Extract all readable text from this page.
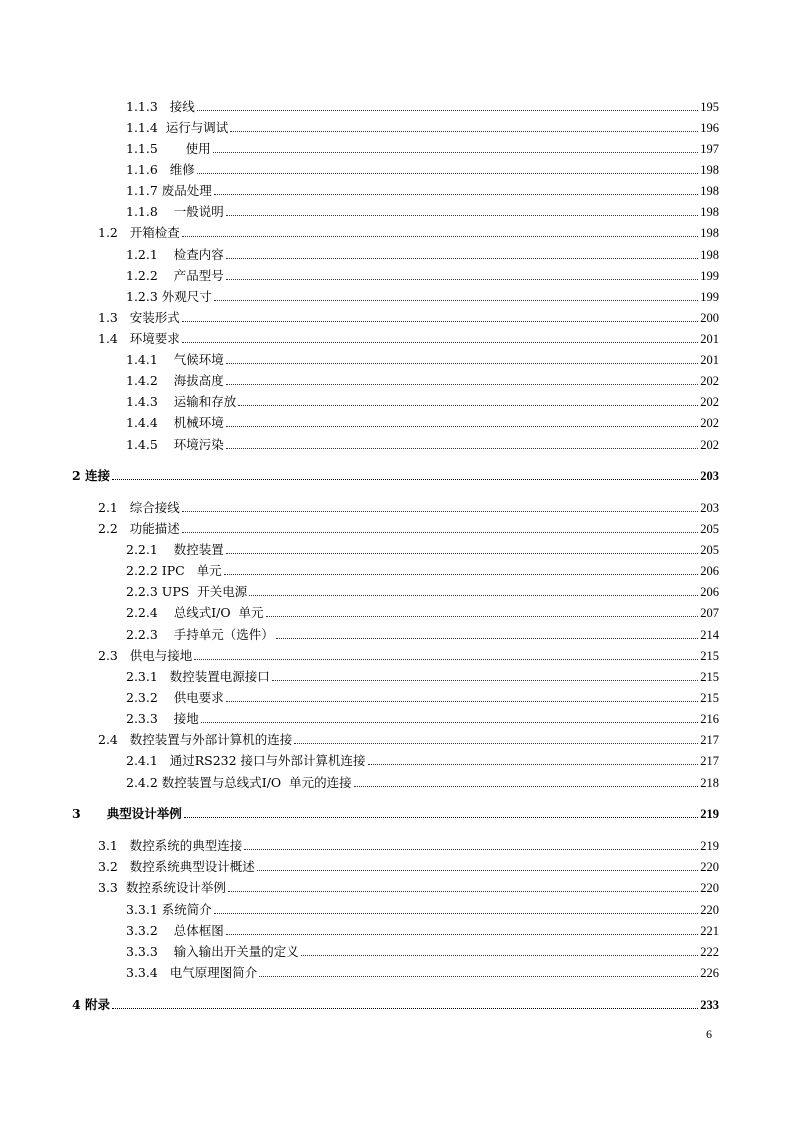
1.1.3   接线	195
1.1.4  运行与调试	196
1.1.5       使用	197
1.1.6   维修	198
1.1.7 废品处理	198
1.1.8    一般说明	198
1.2   开箱检查	198
1.2.1    检查内容	198
1.2.2    产品型号	199
1.2.3 外观尺寸	199
1.3   安装形式	200
1.4   环境要求	201
1.4.1    气候环境	201
1.4.2    海拔高度	202
1.4.3    运输和存放	202
1.4.4    机械环境	202
1.4.5    环境污染	202
2 连接	203
2.1   综合接线	203
2.2   功能描述	205
2.2.1    数控装置	205
2.2.2 IPC   单元	206
2.2.3 UPS  开关电源	206
2.2.4    总线式I/O  单元	207
2.2.3    手持单元（选件）	214
2.3   供电与接地	215
2.3.1   数控装置电源接口	215
2.3.2    供电要求	215
2.3.3    接地	216
2.4   数控装置与外部计算机的连接	217
2.4.1   通过RS232 接口与外部计算机连接	217
2.4.2 数控装置与总线式I/O  单元的连接	218
3      典型设计举例	219
3.1   数控系统的典型连接	219
3.2   数控系统典型设计概述	220
3.3  数控系统设计举例	220
3.3.1 系统简介	220
3.3.2    总体框图	221
3.3.3    输入输出开关量的定义	222
3.3.4   电气原理图简介	226
4 附录	233
6
